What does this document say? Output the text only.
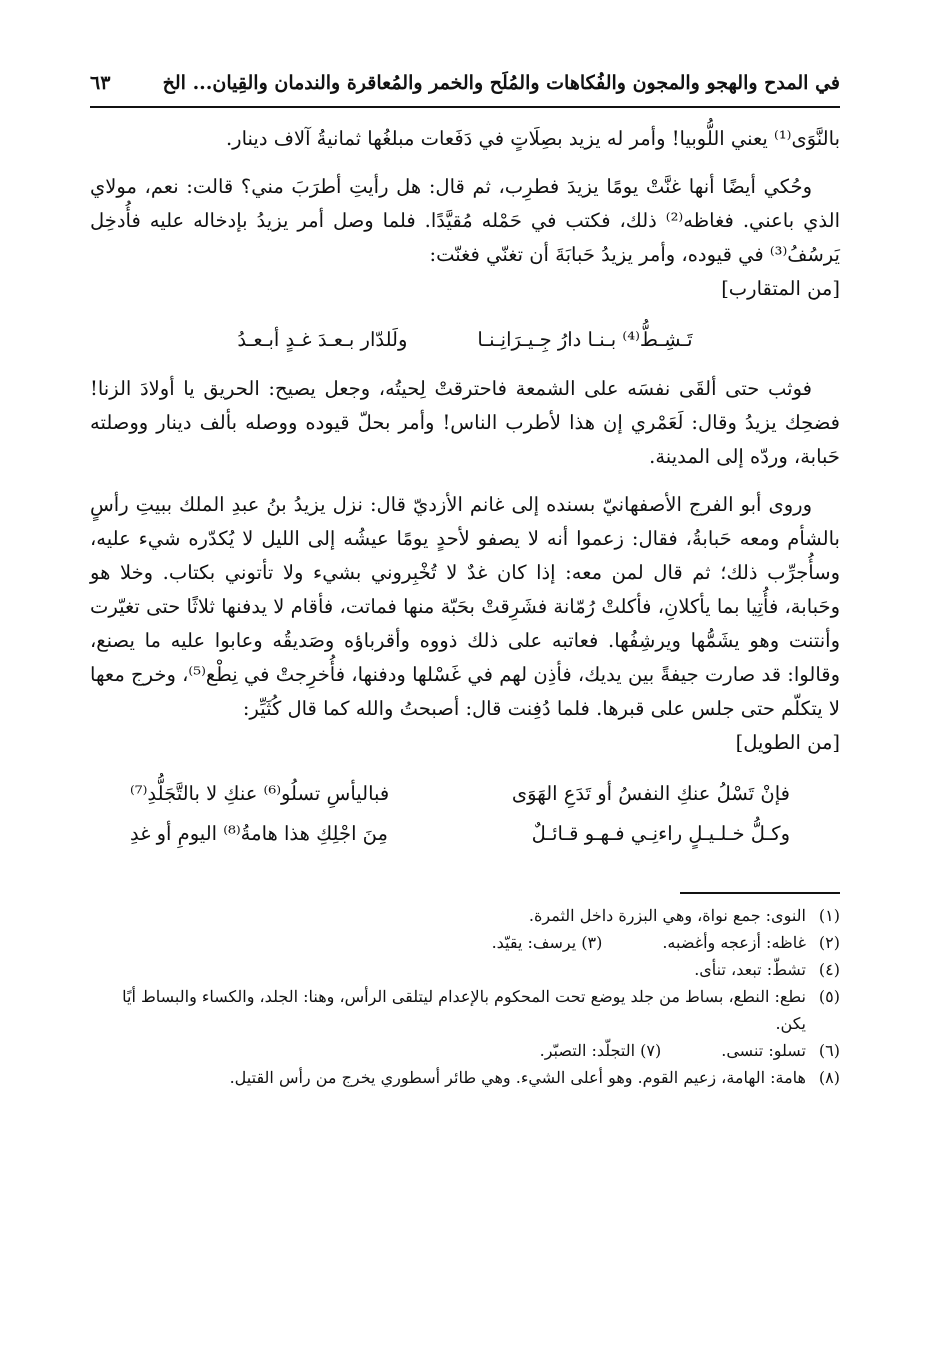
في المدح والهجو والمجون والفُكاهات والمُلَح والخمر والمُعاقرة والندمان والقِيان... الخ
٦٣

بالنَّوَى⁽¹⁾ يعني اللُّوبيا! وأمر له يزيد بصِلَاتٍ في دَفَعات مبلغُها ثمانيةُ آلاف دينار.

وحُكي أيضًا أنها غنَّتْ يومًا يزيدَ فطرِب، ثم قال: هل رأيتِ أطرَبَ مني؟ قالت: نعم، مولاي الذي باعني. فغاظه⁽²⁾ ذلك، فكتب في حَمْله مُقيَّدًا. فلما وصل أمر يزيدُ بإدخاله عليه فأُدخِل يَرسُفُ⁽³⁾ في قيوده، وأمر يزيدُ حَبابَةَ أن تغنّي فغنّت:
[من المتقارب]

تَـشِـطُّ⁽⁴⁾ بـنـا دارُ جِـيـرَانِـنـا
ولَلدّار بـعـدَ غـدٍ أبـعـدُ

فوثب حتى ألقَى نفسَه على الشمعة فاحترقتْ لِحيتُه، وجعل يصيح: الحريق يا أولادَ الزنا! فضحِك يزيدُ وقال: لَعَمْري إن هذا لأطرب الناس! وأمر بحلّ قيوده ووصله بألف دينار ووصلته حَبابة، وردّه إلى المدينة.

وروى أبو الفرج الأصفهانيّ بسنده إلى غانم الأزديّ قال: نزل يزيدُ بنُ عبدِ الملك ببيتِ رأسٍ بالشأم ومعه حَبابةُ، فقال: زعموا أنه لا يصفو لأحدٍ يومًا عيشُه إلى الليل لا يُكدّره شيء عليه، وسأُجرِّب ذلك؛ ثم قال لمن معه: إذا كان غدٌ لا تُخْبِروني بشيء ولا تأتوني بكتاب. وخلا هو وحَبابة، فأُتِيا بما يأكلانِ، فأكلتْ رُمّانة فشَرِقتْ بحَبّة منها فماتت، فأقام لا يدفنها ثلاثًا حتى تغيّرت وأنتنت وهو يشَمُّها ويرشِفُها. فعاتبه على ذلك ذووه وأقرباؤه وصَديقُه وعابوا عليه ما يصنع، وقالوا: قد صارت جيفةً بين يديك، فأذِن لهم في غَسْلها ودفنها، فأُخرِجتْ في نِطْع⁽⁵⁾، وخرج معها لا يتكلّم حتى جلس على قبرها. فلما دُفِنت قال: أصبحتُ والله كما قال كُثَيِّر:
[من الطويل]

فإنْ تَسْلُ عنكِ النفسُ أو تَدَعِ الهَوَى
فباليأسِ تسلُو⁽⁶⁾ عنكِ لا بالتَّجَلُّدِ⁽⁷⁾
وكـلُّ خـلـيـلٍ راءنِـي فـهـو قـائـلٌ
مِنَ اجْلِكِ هذا هامةُ⁽⁸⁾ اليومِ أو غدِ
(١)
النوى: جمع نواة، وهي البزرة داخل الثمرة.
(٢)
غاظه: أزعجه وأغضبه.
(٣) يرسف: يقيّد.
(٤)
تشطّ: تبعد، تنأى.
(٥)
نطع: النطع، بساط من جلد يوضع تحت المحكوم بالإعدام ليتلقى الرأس، وهنا: الجلد، والكساء والبساط أيًا يكن.
(٦)
تسلو: تنسى.
(٧) التجلّد: التصبّر.
(٨)
هامة: الهامة، زعيم القوم. وهو أعلى الشيء. وهي طائر أسطوري يخرج من رأس القتيل.
